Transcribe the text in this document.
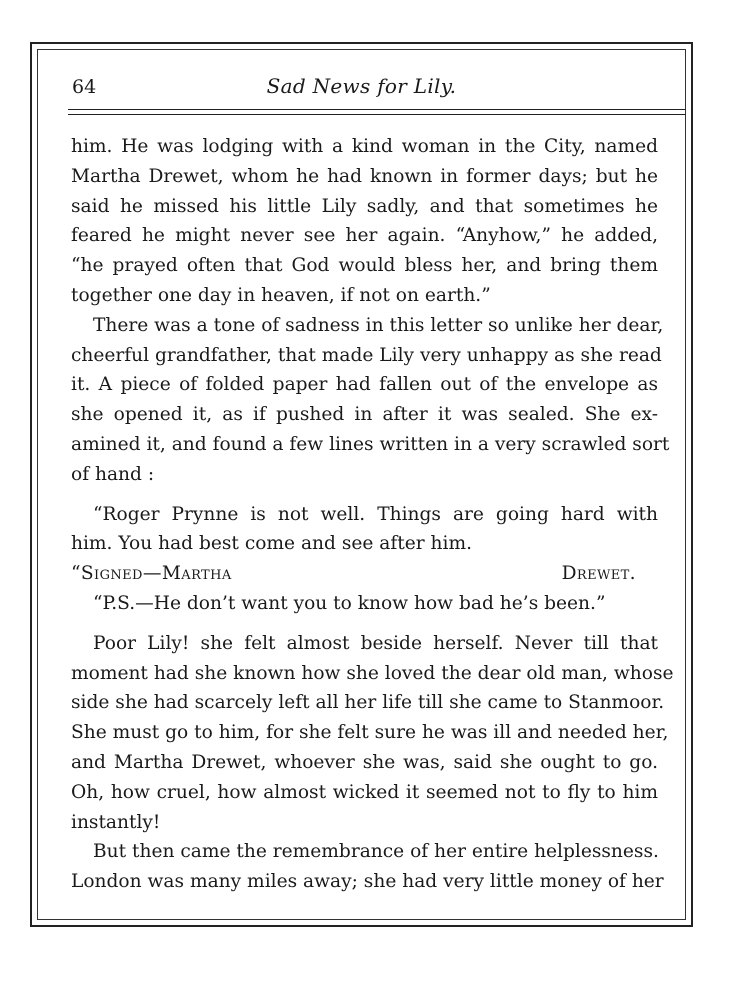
64	Sad News for Lily.
him. He was lodging with a kind woman in the City, named
Martha Drewet, whom he had known in former days; but he
said he missed his little Lily sadly, and that sometimes he
feared he might never see her again. “Anyhow,” he added,
“he prayed often that God would bless her, and bring them
together one day in heaven, if not on earth.”
There was a tone of sadness in this letter so unlike her dear,
cheerful grandfather, that made Lily very unhappy as she read
it. A piece of folded paper had fallen out of the envelope as
she opened it, as if pushed in after it was sealed. She ex-
amined it, and found a few lines written in a very scrawled sort
of hand :
“Roger Prynne is not well. Things are going hard with
him. You had best come and see after him.
“Signed—Martha Drewet.
“P.S.—He don’t want you to know how bad he’s been.”
Poor Lily! she felt almost beside herself. Never till that
moment had she known how she loved the dear old man, whose
side she had scarcely left all her life till she came to Stanmoor.
She must go to him, for she felt sure he was ill and needed her,
and Martha Drewet, whoever she was, said she ought to go.
Oh, how cruel, how almost wicked it seemed not to fly to him
instantly!
But then came the remembrance of her entire helplessness.
London was many miles away; she had very little money of her
